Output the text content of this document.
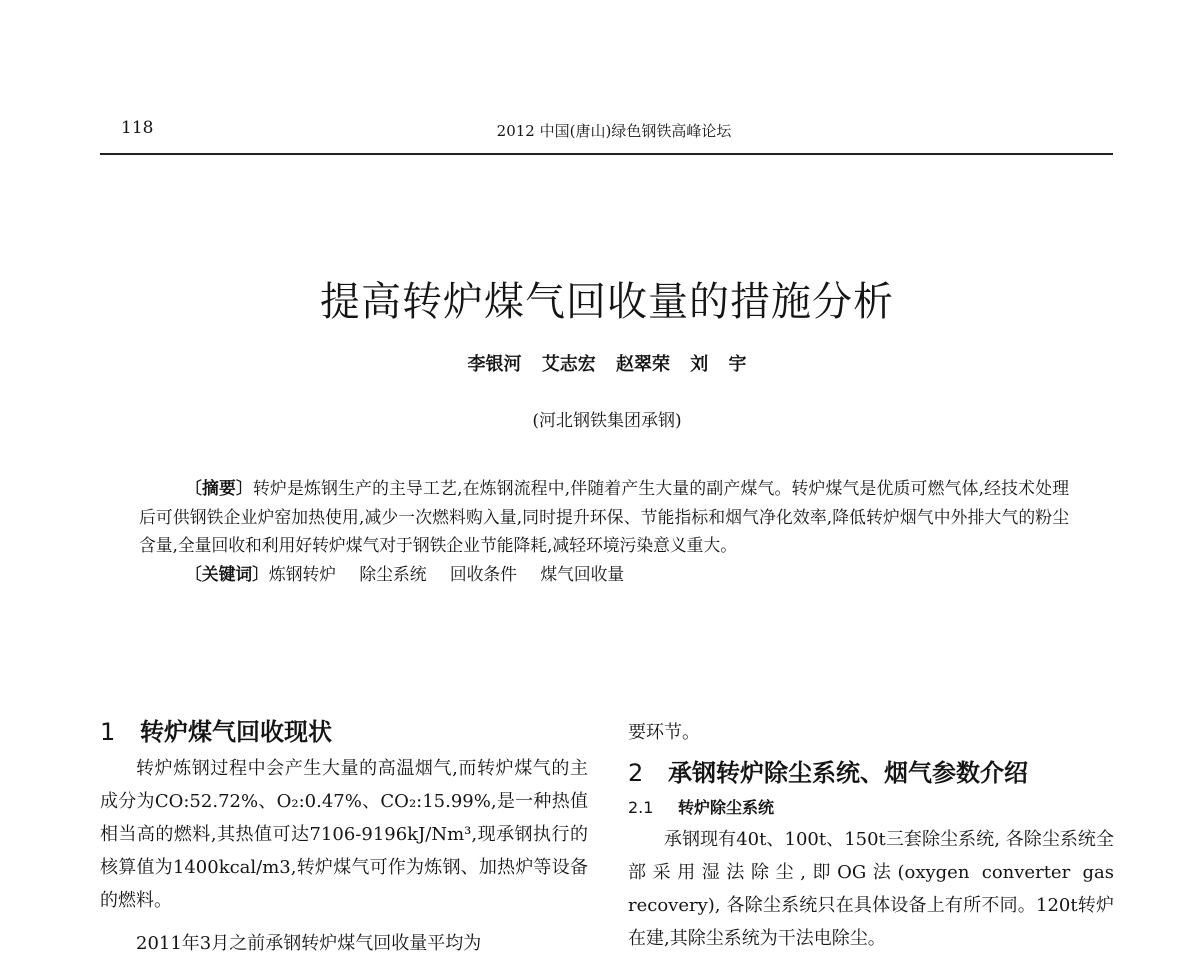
118	2012 中国(唐山)绿色钢铁高峰论坛
提高转炉煤气回收量的措施分析
李银河 艾志宏 赵翠荣 刘 宇
(河北钢铁集团承钢)

〔摘要〕转炉是炼钢生产的主导工艺,在炼钢流程中,伴随着产生大量的副产煤气。转炉煤气是优质可燃气体,经技术处理后可供钢铁企业炉窑加热使用,减少一次燃料购入量,同时提升环保、节能指标和烟气净化效率,降低转炉烟气中外排大气的粉尘含量,全量回收和利用好转炉煤气对于钢铁企业节能降耗,减轻环境污染意义重大。

〔关键词〕炼钢转炉 除尘系统 回收条件 煤气回收量

1 转炉煤气回收现状

转炉炼钢过程中会产生大量的高温烟气,而转炉煤气的主成分为CO:52.72%、O₂:0.47%、CO₂:15.99%,是一种热值相当高的燃料,其热值可达7106-9196kJ/Nm³,现承钢执行的核算值为1400kcal/m3,转炉煤气可作为炼钢、加热炉等设备的燃料。

2011年3月之前承钢转炉煤气回收量平均为

要环节。

2 承钢转炉除尘系统、烟气参数介绍
2.1 转炉除尘系统

承钢现有40t、100t、150t三套除尘系统, 各除尘系统全部采用湿法除尘,即OG法(oxygen converter gas recovery), 各除尘系统只在具体设备上有所不同。120t转炉在建,其除尘系统为干法电除尘。
